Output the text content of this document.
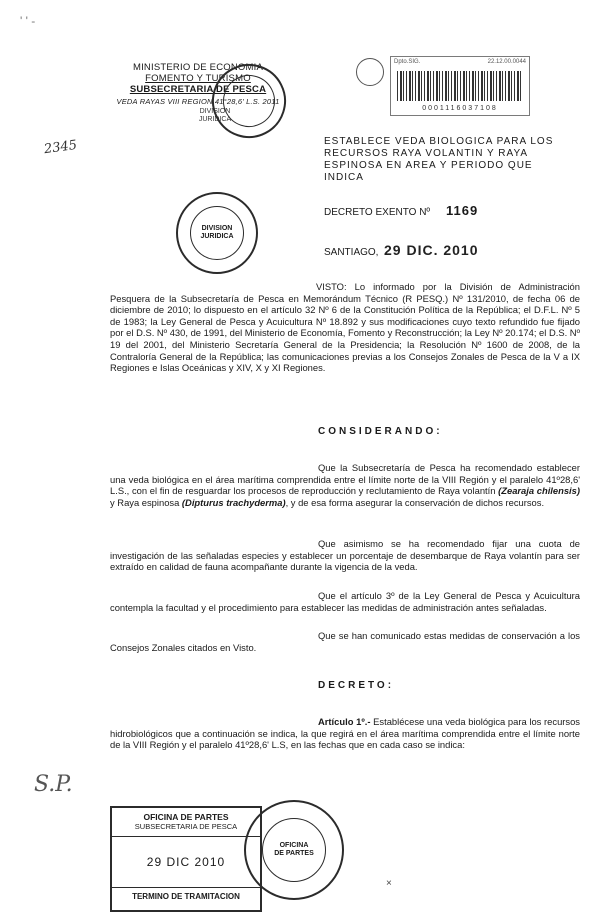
' ' -
2345
S.P.
MINISTERIO DE ECONOMIA
FOMENTO Y TURISMO
SUBSECRETARIA DE PESCA
VEDA RAYAS VIII REGION 41°28,6' L.S. 2011
DIVISION
JURIDICA
Dpto.SIG.	22.12.00.0044
0001116037108
ESTABLECE VEDA BIOLOGICA PARA LOS
RECURSOS RAYA VOLANTIN Y RAYA
ESPINOSA EN AREA Y PERIODO QUE
INDICA
DIVISION
JURIDICA
DECRETO EXENTO Nº 1169
SANTIAGO, 29 DIC. 2010

VISTO: Lo informado por la División de Administración Pesquera de la Subsecretaría de Pesca en Memorándum Técnico (R PESQ.) Nº 131/2010, de fecha 06 de diciembre de 2010; lo dispuesto en el artículo 32 Nº 6 de la Constitución Política de la República; el D.F.L. Nº 5 de 1983; la Ley General de Pesca y Acuicultura Nº 18.892 y sus modificaciones cuyo texto refundido fue fijado por el D.S. Nº 430, de 1991, del Ministerio de Economía, Fomento y Reconstrucción; la Ley Nº 20.174; el D.S. Nº 19 del 2001, del Ministerio Secretaría General de la Presidencia; la Resolución Nº 1600 de 2008, de la Contraloría General de la República; las comunicaciones previas a los Consejos Zonales de Pesca de la V a IX Regiones e Islas Oceánicas y XIV, X y XI Regiones.

CONSIDERANDO:

Que la Subsecretaría de Pesca ha recomendado establecer una veda biológica en el área marítima comprendida entre el límite norte de la VIII Región y el paralelo 41º28,6' L.S., con el fin de resguardar los procesos de reproducción y reclutamiento de Raya volantín (Zearaja chilensis) y Raya espinosa (Dipturus trachyderma), y de esa forma asegurar la conservación de dichos recursos.

Que asimismo se ha recomendado fijar una cuota de investigación de las señaladas especies y establecer un porcentaje de desembarque de Raya volantín para ser extraído en calidad de fauna acompañante durante la vigencia de la veda.

Que el artículo 3º de la Ley General de Pesca y Acuicultura contempla la facultad y el procedimiento para establecer las medidas de administración antes señaladas.

Que se han comunicado estas medidas de conservación a los Consejos Zonales citados en Visto.

DECRETO:

Artículo 1º.- Establécese una veda biológica para los recursos hidrobiológicos que a continuación se indica, la que regirá en el área marítima comprendida entre el límite norte de la VIII Región y el paralelo 41º28,6' L.S, en las fechas que en cada caso se indica:

OFICINA DE PARTES
SUBSECRETARIA DE PESCA
29 DIC 2010
TERMINO DE TRAMITACION
OFICINA
DE PARTES
×
